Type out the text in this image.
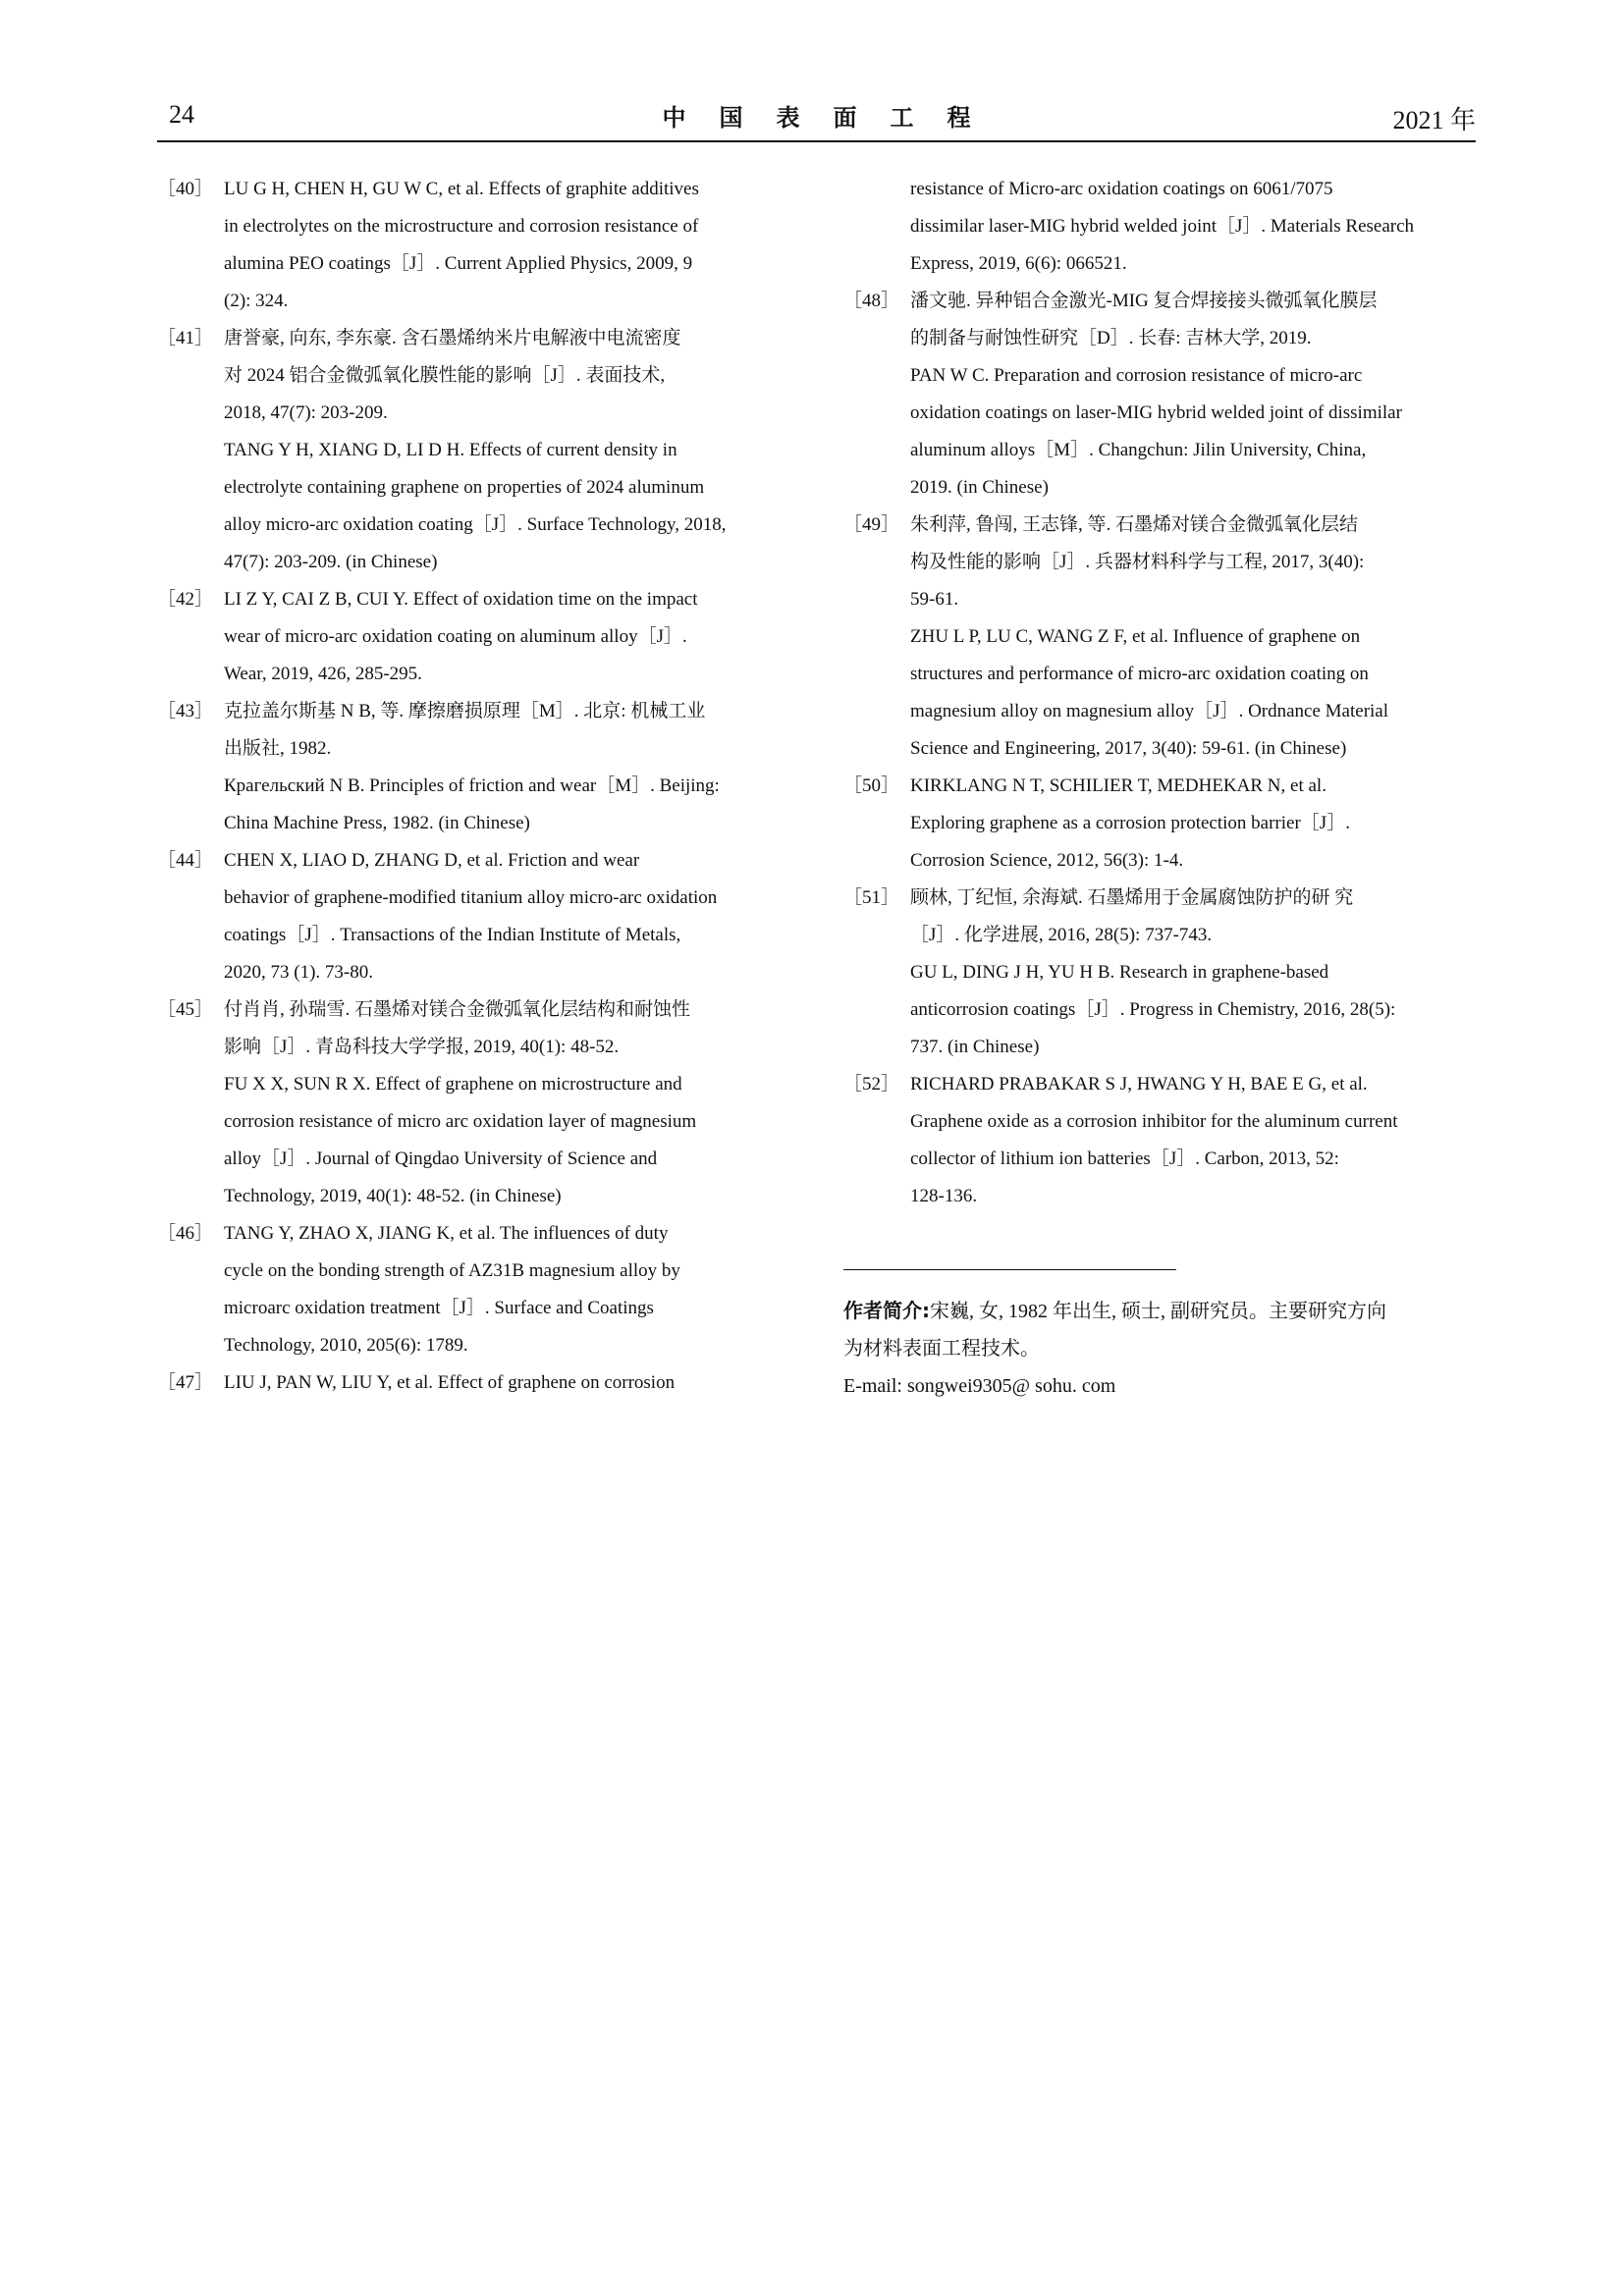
24	中国表面工程	2021 年
［40］ LU G H, CHEN H, GU W C, et al. Effects of graphite additives
in electrolytes on the microstructure and corrosion resistance of
alumina PEO coatings［J］. Current Applied Physics, 2009, 9
(2): 324.
［41］ 唐誉豪, 向东, 李东豪. 含石墨烯纳米片电解液中电流密度
对 2024 铝合金微弧氧化膜性能的影响［J］. 表面技术,
2018, 47(7): 203-209.
TANG Y H, XIANG D, LI D H. Effects of current density in
electrolyte containing graphene on properties of 2024 aluminum
alloy micro-arc oxidation coating［J］. Surface Technology, 2018,
47(7): 203-209. (in Chinese)
［42］ LI Z Y, CAI Z B, CUI Y. Effect of oxidation time on the impact
wear of micro-arc oxidation coating on aluminum alloy［J］.
Wear, 2019, 426, 285-295.
［43］ 克拉盖尔斯基 N B, 等. 摩擦磨损原理［M］. 北京: 机械工业
出版社, 1982.
Крагельский N B. Principles of friction and wear［M］. Beijing:
China Machine Press, 1982. (in Chinese)
［44］ CHEN X, LIAO D, ZHANG D, et al. Friction and wear
behavior of graphene-modified titanium alloy micro-arc oxidation
coatings［J］. Transactions of the Indian Institute of Metals,
2020, 73 (1). 73-80.
［45］ 付肖肖, 孙瑞雪. 石墨烯对镁合金微弧氧化层结构和耐蚀性
影响［J］. 青岛科技大学学报, 2019, 40(1): 48-52.
FU X X, SUN R X. Effect of graphene on microstructure and
corrosion resistance of micro arc oxidation layer of magnesium
alloy［J］. Journal of Qingdao University of Science and
Technology, 2019, 40(1): 48-52. (in Chinese)
［46］ TANG Y, ZHAO X, JIANG K, et al. The influences of duty
cycle on the bonding strength of AZ31B magnesium alloy by
microarc oxidation treatment［J］. Surface and Coatings
Technology, 2010, 205(6): 1789.
［47］ LIU J, PAN W, LIU Y, et al. Effect of graphene on corrosion
resistance of Micro-arc oxidation coatings on 6061/7075
dissimilar laser-MIG hybrid welded joint［J］. Materials Research
Express, 2019, 6(6): 066521.
［48］ 潘文驰. 异种铝合金激光-MIG 复合焊接接头微弧氧化膜层
的制备与耐蚀性研究［D］. 长春: 吉林大学, 2019.
PAN W C. Preparation and corrosion resistance of micro-arc
oxidation coatings on laser-MIG hybrid welded joint of dissimilar
aluminum alloys［M］. Changchun: Jilin University, China,
2019. (in Chinese)
［49］ 朱利萍, 鲁闯, 王志锋, 等. 石墨烯对镁合金微弧氧化层结
构及性能的影响［J］. 兵器材料科学与工程, 2017, 3(40):
59-61.
ZHU L P, LU C, WANG Z F, et al. Influence of graphene on
structures and performance of micro-arc oxidation coating on
magnesium alloy on magnesium alloy［J］. Ordnance Material
Science and Engineering, 2017, 3(40): 59-61. (in Chinese)
［50］ KIRKLANG N T, SCHILIER T, MEDHEKAR N, et al.
Exploring graphene as a corrosion protection barrier［J］.
Corrosion Science, 2012, 56(3): 1-4.
［51］ 顾林, 丁纪恒, 余海斌. 石墨烯用于金属腐蚀防护的研 究
［J］. 化学进展, 2016, 28(5): 737-743.
GU L, DING J H, YU H B. Research in graphene-based
anticorrosion coatings［J］. Progress in Chemistry, 2016, 28(5):
737. (in Chinese)
［52］ RICHARD PRABAKAR S J, HWANG Y H, BAE E G, et al.
Graphene oxide as a corrosion inhibitor for the aluminum current
collector of lithium ion batteries［J］. Carbon, 2013, 52:
128-136.
作者简介:宋巍, 女, 1982 年出生, 硕士, 副研究员。主要研究方向
为材料表面工程技术。
E-mail: songwei9305@ sohu. com
